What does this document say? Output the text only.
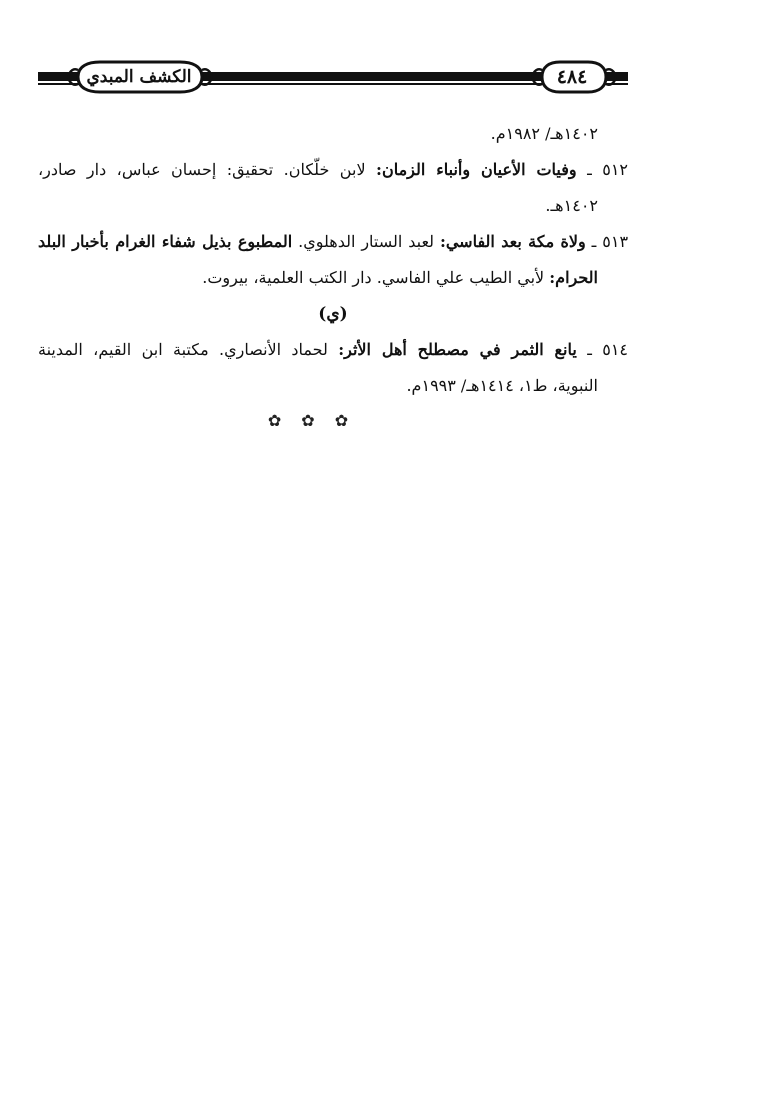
الكشف المبدي	٤٨٤
١٤٠٢هـ/ ١٩٨٢م.
٥١٢ ـ وفيات الأعيان وأنباء الزمان: لابن خلّكان. تحقيق: إحسان عباس، دار صادر،
١٤٠٢هـ.
٥١٣ ـ ولاة مكة بعد الفاسي: لعبد الستار الدهلوي. المطبوع بذيل شفاء الغرام بأخبار البلد
الحرام: لأبي الطيب علي الفاسي. دار الكتب العلمية، بيروت.
(ي)
٥١٤ ـ يانع الثمر في مصطلح أهل الأثر: لحماد الأنصاري. مكتبة ابن القيم، المدينة
النبوية، ط١، ١٤١٤هـ/ ١٩٩٣م.
✿ ✿ ✿
